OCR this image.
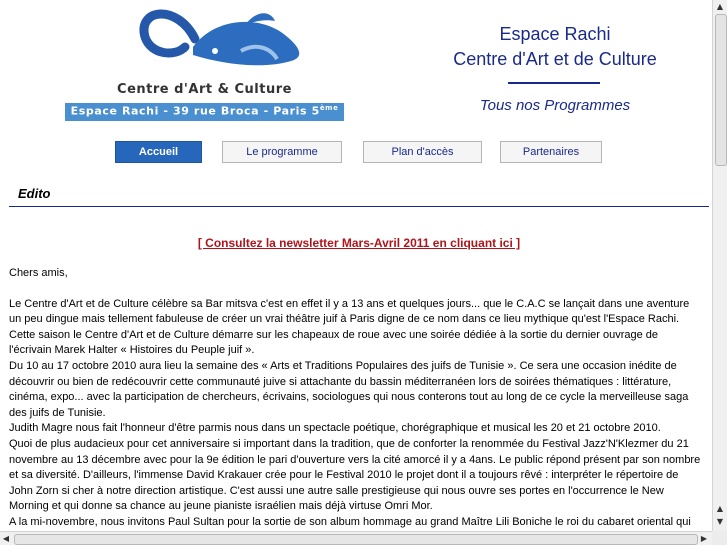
Centre d'Art & Culture
Espace Rachi - 39 rue Broca - Paris 5ème
Espace Rachi
Centre d'Art et de Culture
Tous nos Programmes
Accueil	Le programme	Plan d'accès	Partenaires
Edito
[ Consultez la newsletter Mars-Avril 2011 en cliquant ici ]

Chers amis,

Le Centre d'Art et de Culture célèbre sa Bar mitsva c'est en effet il y a 13 ans et quelques jours... que le C.A.C se lançait dans une aventure un peu dingue mais tellement fabuleuse de créer un vrai théâtre juif à Paris digne de ce nom dans ce lieu mythique qu'est l'Espace Rachi.

Cette saison le Centre d'Art et de Culture démarre sur les chapeaux de roue avec une soirée dédiée à la sortie du dernier ouvrage de l'écrivain Marek Halter « Histoires du Peuple juif ».

Du 10 au 17 octobre 2010 aura lieu la semaine des « Arts et Traditions Populaires des juifs de Tunisie ». Ce sera une occasion inédite de découvrir ou bien de redécouvrir cette communauté juive si attachante du bassin méditerranéen lors de soirées thématiques : littérature, cinéma, expo... avec la participation de chercheurs, écrivains, sociologues qui nous conterons tout au long de ce cycle la merveilleuse saga des juifs de Tunisie.

Judith Magre nous fait l'honneur d'être parmis nous dans un spectacle poétique, chorégraphique et musical les 20 et 21 octobre 2010.

Quoi de plus audacieux pour cet anniversaire si important dans la tradition, que de conforter la renommée du Festival Jazz'N'Klezmer du 21 novembre au 13 décembre avec pour la 9e édition le pari d'ouverture vers la cité amorcé il y a 4ans. Le public répond présent par son nombre et sa diversité. D'ailleurs, l'immense David Krakauer crée pour le Festival 2010 le projet dont il a toujours rêvé : interpréter le répertoire de John Zorn si cher à notre direction artistique. C'est aussi une autre salle prestigieuse qui nous ouvre ses portes en l'occurrence le New Morning et qui donne sa chance au jeune pianiste israélien mais déjà virtuse Omri Mor.

A la mi-novembre, nous invitons Paul Sultan pour la sortie de son album hommage au grand Maître Lili Boniche le roi du cabaret oriental qui

▲
▲
▼
◀	▶
